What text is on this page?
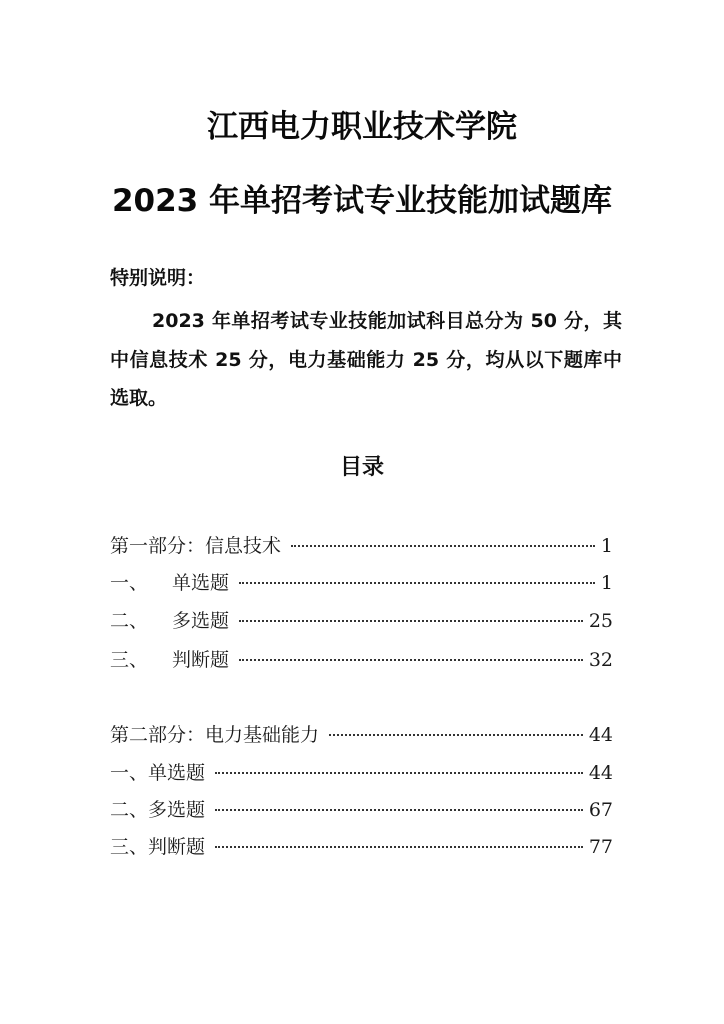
江西电力职业技术学院
2023 年单招考试专业技能加试题库
特别说明：

2023 年单招考试专业技能加试科目总分为 50 分，其中信息技术 25 分，电力基础能力 25 分，均从以下题库中选取。

目录
第一部分：信息技术	1
一、	单选题	1
二、	多选题	25
三、	判断题	32
第二部分：电力基础能力	44
一、 单选题	44
二、 多选题	67
三、 判断题	77
